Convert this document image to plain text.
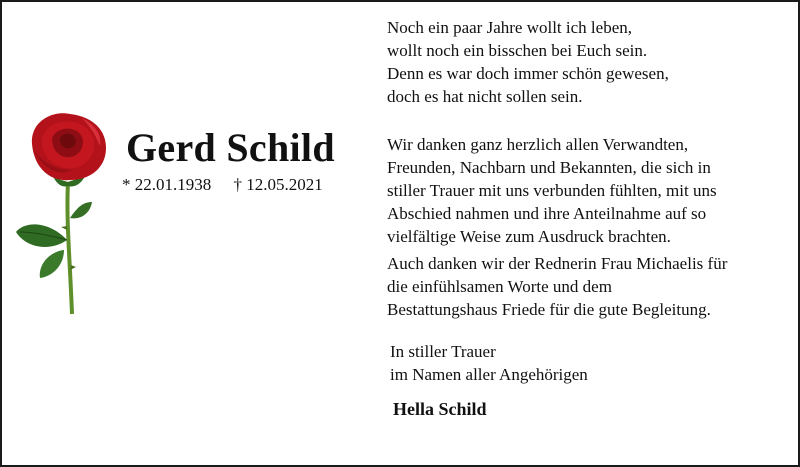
Gerd Schild
* 22.01.1938 † 12.05.2021
Noch ein paar Jahre wollt ich leben,
wollt noch ein bisschen bei Euch sein.
Denn es war doch immer schön gewesen,
doch es hat nicht sollen sein.
Wir danken ganz herzlich allen Verwandten,
Freunden, Nachbarn und Bekannten, die sich in
stiller Trauer mit uns verbunden fühlten, mit uns
Abschied nahmen und ihre Anteilnahme auf so
vielfältige Weise zum Ausdruck brachten.
Auch danken wir der Rednerin Frau Michaelis für
die einfühlsamen Worte und dem
Bestattungshaus Friede für die gute Begleitung.
In stiller Trauer
im Namen aller Angehörigen
Hella Schild
